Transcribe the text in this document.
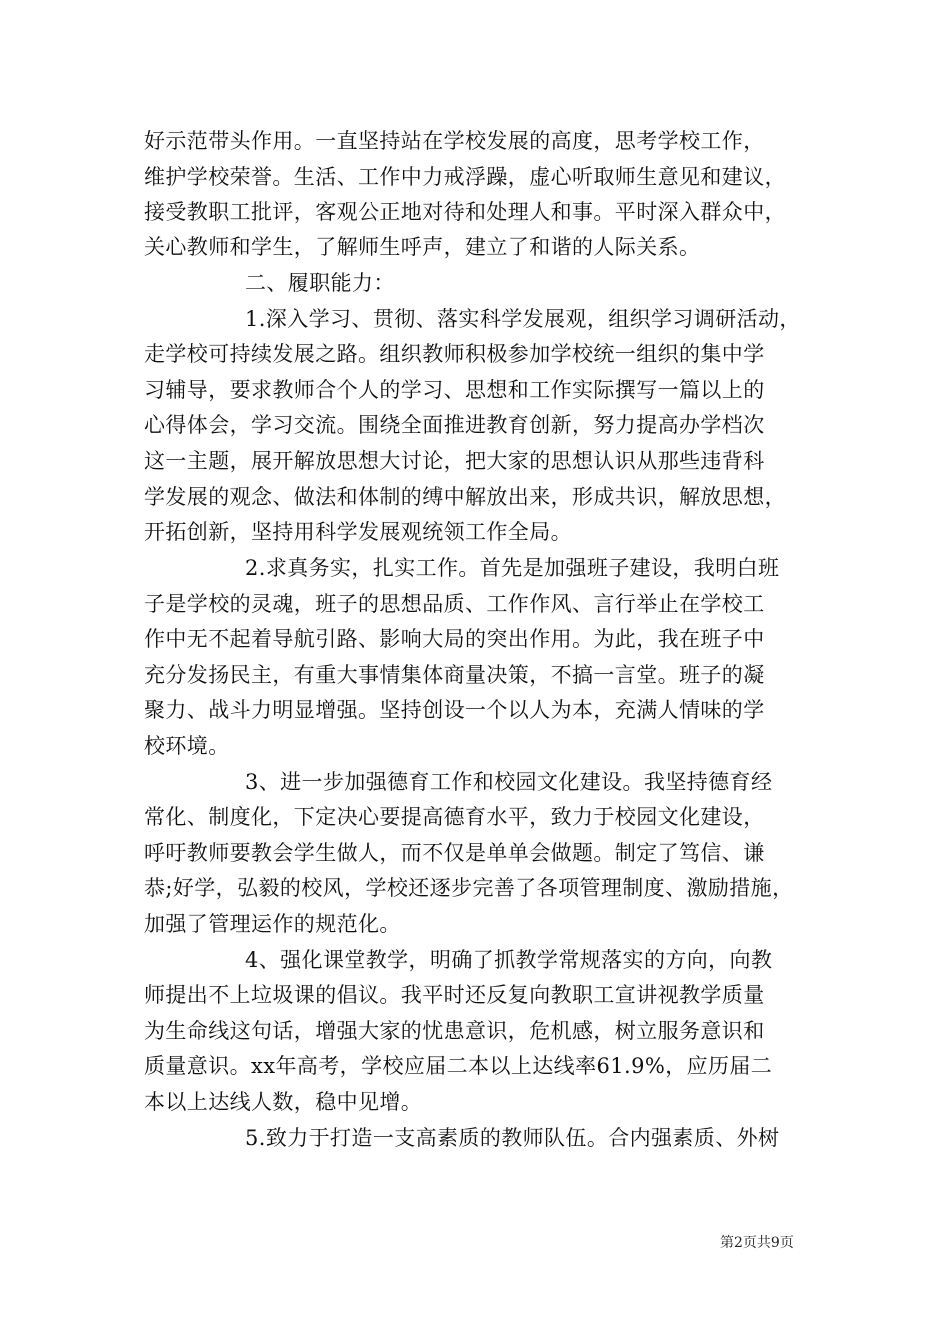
好示范带头作用。一直坚持站在学校发展的高度，思考学校工作，
维护学校荣誉。生活、工作中力戒浮躁，虚心听取师生意见和建议，
接受教职工批评，客观公正地对待和处理人和事。平时深入群众中，
关心教师和学生，了解师生呼声，建立了和谐的人际关系。
二、履职能力：
1.深入学习、贯彻、落实科学发展观，组织学习调研活动，
走学校可持续发展之路。组织教师积极参加学校统一组织的集中学
习辅导，要求教师合个人的学习、思想和工作实际撰写一篇以上的
心得体会，学习交流。围绕全面推进教育创新，努力提高办学档次
这一主题，展开解放思想大讨论，把大家的思想认识从那些违背科
学发展的观念、做法和体制的缚中解放出来，形成共识，解放思想，
开拓创新，坚持用科学发展观统领工作全局。
2.求真务实，扎实工作。首先是加强班子建设，我明白班
子是学校的灵魂，班子的思想品质、工作作风、言行举止在学校工
作中无不起着导航引路、影响大局的突出作用。为此，我在班子中
充分发扬民主，有重大事情集体商量决策，不搞一言堂。班子的凝
聚力、战斗力明显增强。坚持创设一个以人为本，充满人情味的学
校环境。
3、进一步加强德育工作和校园文化建设。我坚持德育经
常化、制度化，下定决心要提高德育水平，致力于校园文化建设，
呼吁教师要教会学生做人，而不仅是单单会做题。制定了笃信、谦
恭;好学，弘毅的校风，学校还逐步完善了各项管理制度、激励措施，
加强了管理运作的规范化。
4、强化课堂教学，明确了抓教学常规落实的方向，向教
师提出不上垃圾课的倡议。我平时还反复向教职工宣讲视教学质量
为生命线这句话，增强大家的忧患意识，危机感，树立服务意识和
质量意识。xx年高考，学校应届二本以上达线率61.9%，应历届二
本以上达线人数，稳中见增。
5.致力于打造一支高素质的教师队伍。合内强素质、外树
第2页共9页
